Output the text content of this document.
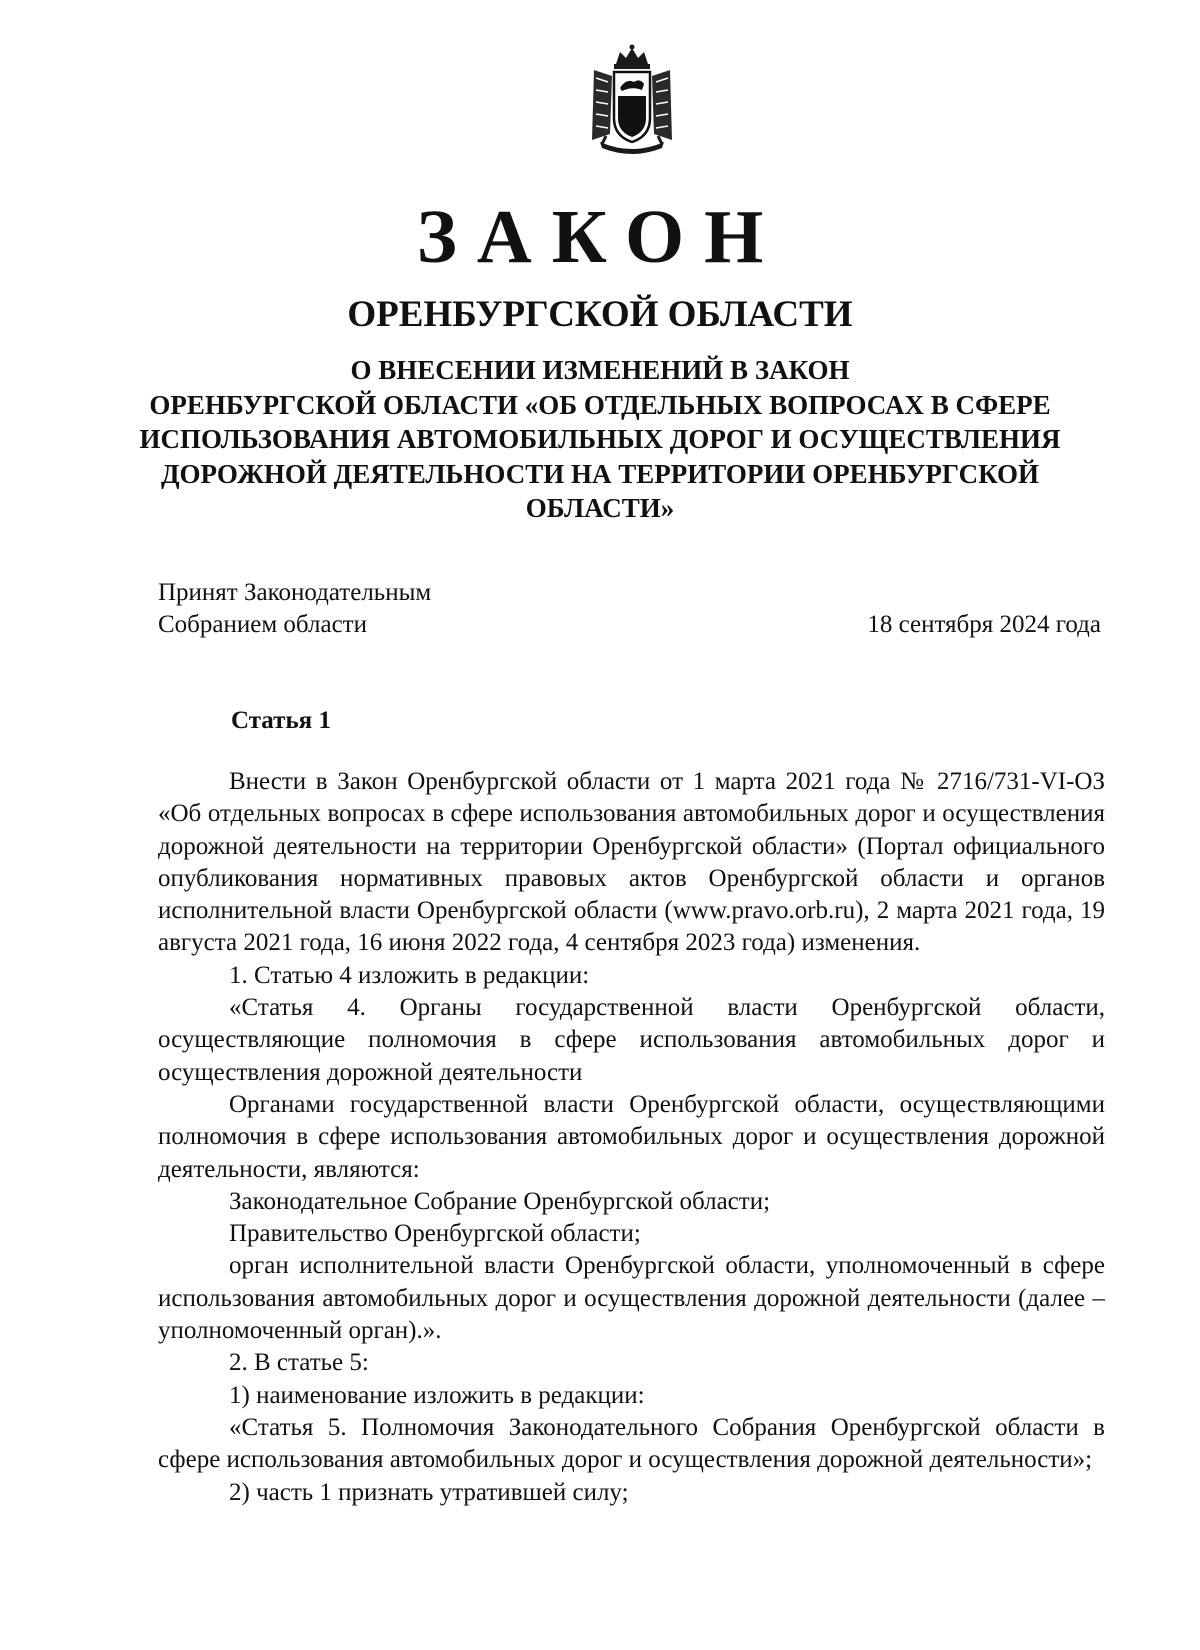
ЗАКОН
ОРЕНБУРГСКОЙ ОБЛАСТИ
О ВНЕСЕНИИ ИЗМЕНЕНИЙ В ЗАКОН
ОРЕНБУРГСКОЙ ОБЛАСТИ «ОБ ОТДЕЛЬНЫХ ВОПРОСАХ В СФЕРЕ
ИСПОЛЬЗОВАНИЯ АВТОМОБИЛЬНЫХ ДОРОГ И ОСУЩЕСТВЛЕНИЯ
ДОРОЖНОЙ ДЕЯТЕЛЬНОСТИ НА ТЕРРИТОРИИ ОРЕНБУРГСКОЙ
ОБЛАСТИ»
Принят Законодательным
Собранием области	18 сентября 2024 года
Статья 1

Внести в Закон Оренбургской области от 1 марта 2021 года № 2716/731-VI-ОЗ «Об отдельных вопросах в сфере использования автомобильных дорог и осуществления дорожной деятельности на территории Оренбургской области» (Портал официального опубликования нормативных правовых актов Оренбургской области и органов исполнительной власти Оренбургской области (www.pravo.orb.ru), 2 марта 2021 года, 19 августа 2021 года, 16 июня 2022 года, 4 сентября 2023 года) изменения.

1. Статью 4 изложить в редакции:

«Статья 4. Органы государственной власти Оренбургской области, осуществляющие полномочия в сфере использования автомобильных дорог и осуществления дорожной деятельности

Органами государственной власти Оренбургской области, осуществляющими полномочия в сфере использования автомобильных дорог и осуществления дорожной деятельности, являются:

Законодательное Собрание Оренбургской области;

Правительство Оренбургской области;

орган исполнительной власти Оренбургской области, уполномоченный в сфере использования автомобильных дорог и осуществления дорожной деятельности (далее – уполномоченный орган).».

2. В статье 5:

1) наименование изложить в редакции:

«Статья 5. Полномочия Законодательного Собрания Оренбургской области в сфере использования автомобильных дорог и осуществления дорожной деятельности»;

2) часть 1 признать утратившей силу;
